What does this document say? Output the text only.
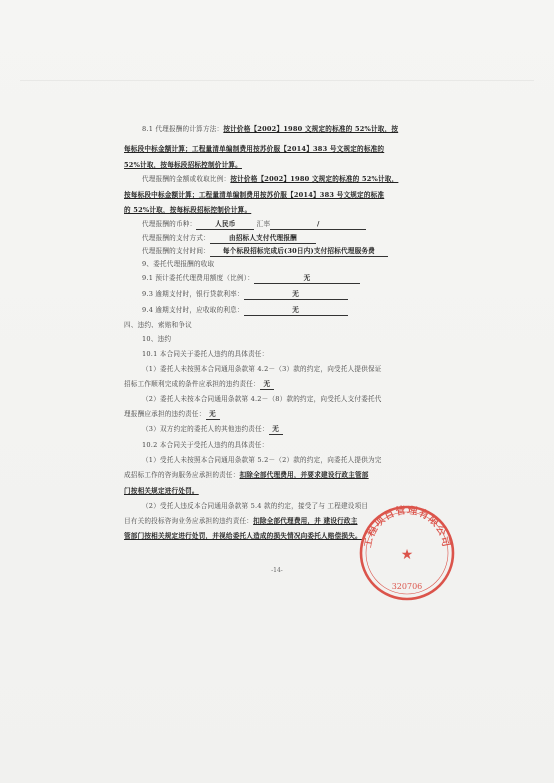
8.1 代理报酬的计算方法：按计价格【2002】1980 文规定的标准的 52%计取，按
每标段中标金额计算；工程量清单编制费用按苏价服【2014】383 号文规定的标准的
52%计取，按每标段招标控制价计算。
代理报酬的金额或收取比例：按计价格【2002】1980 文规定的标准的 52%计取，
按每标段中标金额计算；工程量清单编制费用按苏价服【2014】383 号文规定的标准
的 52%计取，按每标段招标控制价计算。
代理报酬的币种：	人民币	汇率	/
代理报酬的支付方式：	由招标人支付代理报酬
代理报酬的支付时间： 每个标段招标完成后(30日内)支付招标代理服务费
9、委托代理报酬的收取
9.1 预计委托代理费用额度（比例）：	无
9.3 逾期支付时，银行贷款利率：	无
9.4 逾期支付时，应收取的利息：	无
四、违约、索赔和争议
10、违约
10.1 本合同关于委托人违约的具体责任：
（1）委托人未按照本合同通用条款第 4.2－（3）款的约定，向受托人提供保证
招标工作顺利完成的条件应承担的违约责任： 无
（2）委托人未按本合同通用条款第 4.2－（8）款的约定，向受托人支付委托代
理报酬应承担的违约责任： 无
（3）双方约定的委托人的其他违约责任： 无
10.2 本合同关于受托人违约的具体责任：
（1）受托人未按照本合同通用条款第 5.2－（2）款的约定，向委托人提供为完
成招标工作的咨询服务应承担的责任：扣除全部代理费用，并要求建设行政主管部
门按相关规定进行处罚。
（2）受托人违反本合同通用条款第 5.4 款的约定，接受了与 工程建设项目
目有关的投标咨询业务应承担的违约责任：扣除全部代理费用，并 建设行政主
管部门按相关规定进行处罚，并视给委托人造成的损失情况向委托人赔偿损失。
-14-
工程项目管理有限公司
★
320706
